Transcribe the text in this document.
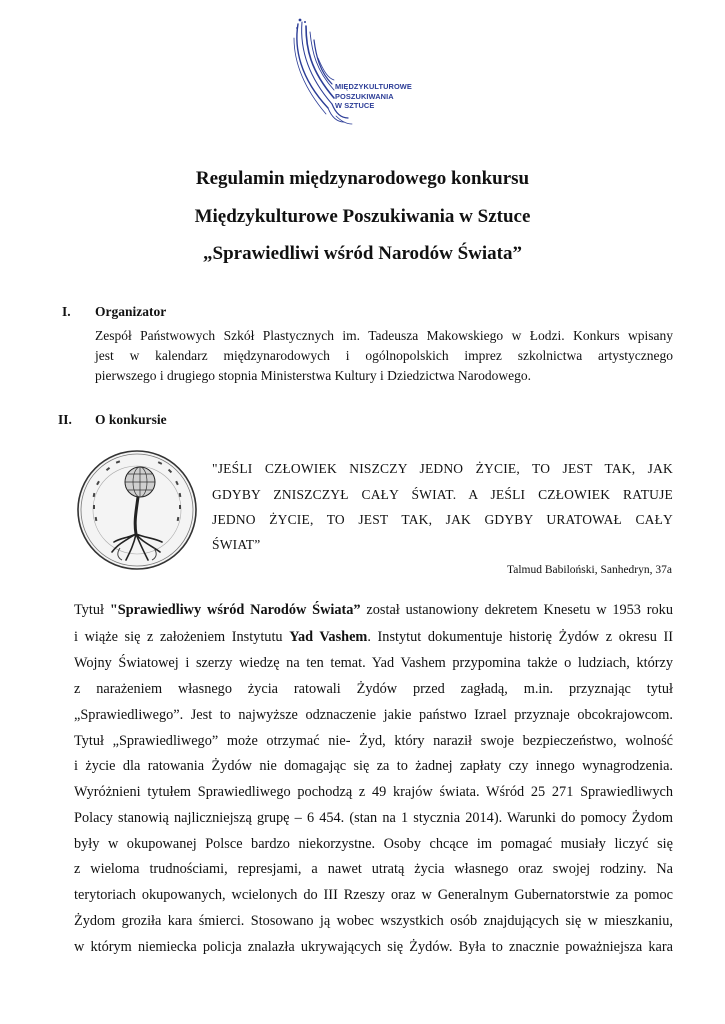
MIĘDZYKULTUROWE
POSZUKIWANIA
W SZTUCE
Regulamin międzynarodowego konkursu
Międzykulturowe Poszukiwania w Sztuce
„Sprawiedliwi wśród Narodów Świata”
I. Organizator
Zespół Państwowych Szkół Plastycznych im. Tadeusza Makowskiego w Łodzi. Konkurs wpisany
jest w kalendarz międzynarodowych i ogólnopolskich imprez szkolnictwa artystycznego
pierwszego i drugiego stopnia Ministerstwa Kultury i Dziedzictwa Narodowego.
II. O konkursie
"JEŚLI CZŁOWIEK NISZCZY JEDNO ŻYCIE, TO JEST TAK, JAK
GDYBY ZNISZCZYŁ CAŁY ŚWIAT. A JEŚLI CZŁOWIEK RATUJE
JEDNO ŻYCIE, TO JEST TAK, JAK GDYBY URATOWAŁ CAŁY
ŚWIAT”
Talmud Babiloński, Sanhedryn, 37a
Tytuł "Sprawiedliwy wśród Narodów Świata” został ustanowiony dekretem Knesetu w 1953 roku
i wiąże się z założeniem Instytutu Yad Vashem. Instytut dokumentuje historię Żydów z okresu II
Wojny Światowej i szerzy wiedzę na ten temat. Yad Vashem przypomina także o ludziach, którzy
z narażeniem własnego życia ratowali Żydów przed zagładą, m.in. przyznając tytuł
„Sprawiedliwego”. Jest to najwyższe odznaczenie jakie państwo Izrael przyznaje obcokrajowcom.
Tytuł „Sprawiedliwego” może otrzymać nie- Żyd, który naraził swoje bezpieczeństwo, wolność
i życie dla ratowania Żydów nie domagając się za to żadnej zapłaty czy innego wynagrodzenia.
Wyróżnieni tytułem Sprawiedliwego pochodzą z 49 krajów świata. Wśród 25 271 Sprawiedliwych
Polacy stanowią najliczniejszą grupę – 6 454. (stan na 1 stycznia 2014). Warunki do pomocy Żydom
były w okupowanej Polsce bardzo niekorzystne. Osoby chcące im pomagać musiały liczyć się
z wieloma trudnościami, represjami, a nawet utratą życia własnego oraz swojej rodziny. Na
terytoriach okupowanych, wcielonych do III Rzeszy oraz w Generalnym Gubernatorstwie za pomoc
Żydom groziła kara śmierci. Stosowano ją wobec wszystkich osób znajdujących się w mieszkaniu,
w którym niemiecka policja znalazła ukrywających się Żydów. Była to znacznie poważniejsza kara
